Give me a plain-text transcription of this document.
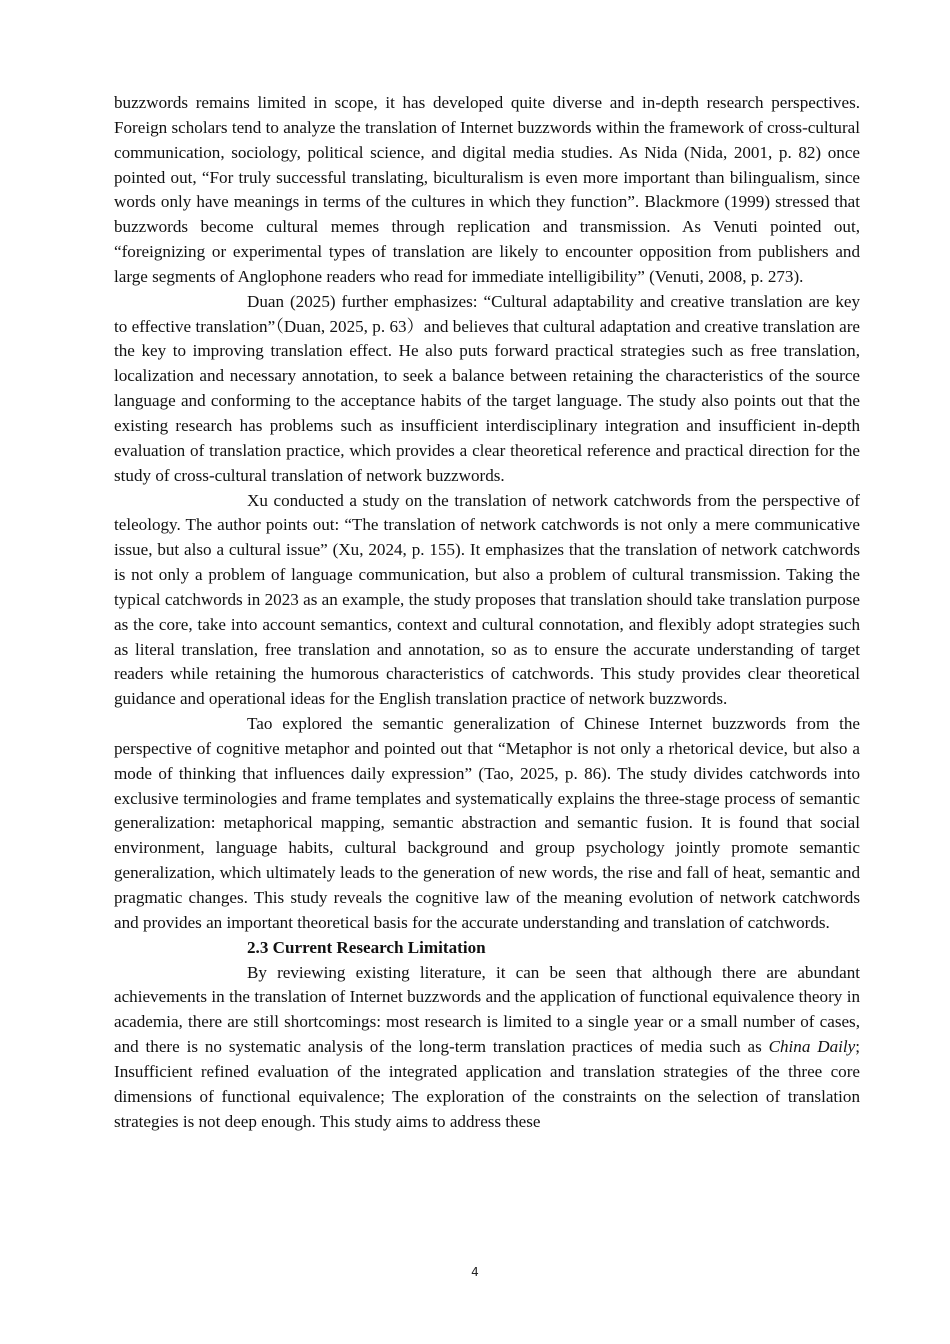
buzzwords remains limited in scope, it has developed quite diverse and in-depth research perspectives. Foreign scholars tend to analyze the translation of Internet buzzwords within the framework of cross-cultural communication, sociology, political science, and digital media studies. As Nida (Nida, 2001, p. 82) once pointed out, “For truly successful translating, biculturalism is even more important than bilingualism, since words only have meanings in terms of the cultures in which they function”. Blackmore (1999) stressed that buzzwords become cultural memes through replication and transmission. As Venuti pointed out, “foreignizing or experimental types of translation are likely to encounter opposition from publishers and large segments of Anglophone readers who read for immediate intelligibility” (Venuti, 2008, p. 273).

Duan (2025) further emphasizes: “Cultural adaptability and creative translation are key to effective translation”（Duan, 2025, p. 63）and believes that cultural adaptation and creative translation are the key to improving translation effect. He also puts forward practical strategies such as free translation, localization and necessary annotation, to seek a balance between retaining the characteristics of the source language and conforming to the acceptance habits of the target language. The study also points out that the existing research has problems such as insufficient interdisciplinary integration and insufficient in-depth evaluation of translation practice, which provides a clear theoretical reference and practical direction for the study of cross-cultural translation of network buzzwords.

Xu conducted a study on the translation of network catchwords from the perspective of teleology. The author points out: “The translation of network catchwords is not only a mere communicative issue, but also a cultural issue” (Xu, 2024, p. 155). It emphasizes that the translation of network catchwords is not only a problem of language communication, but also a problem of cultural transmission. Taking the typical catchwords in 2023 as an example, the study proposes that translation should take translation purpose as the core, take into account semantics, context and cultural connotation, and flexibly adopt strategies such as literal translation, free translation and annotation, so as to ensure the accurate understanding of target readers while retaining the humorous characteristics of catchwords. This study provides clear theoretical guidance and operational ideas for the English translation practice of network buzzwords.

Tao explored the semantic generalization of Chinese Internet buzzwords from the perspective of cognitive metaphor and pointed out that “Metaphor is not only a rhetorical device, but also a mode of thinking that influences daily expression” (Tao, 2025, p. 86). The study divides catchwords into exclusive terminologies and frame templates and systematically explains the three-stage process of semantic generalization: metaphorical mapping, semantic abstraction and semantic fusion. It is found that social environment, language habits, cultural background and group psychology jointly promote semantic generalization, which ultimately leads to the generation of new words, the rise and fall of heat, semantic and pragmatic changes. This study reveals the cognitive law of the meaning evolution of network catchwords and provides an important theoretical basis for the accurate understanding and translation of catchwords.

2.3 Current Research Limitation

By reviewing existing literature, it can be seen that although there are abundant achievements in the translation of Internet buzzwords and the application of functional equivalence theory in academia, there are still shortcomings: most research is limited to a single year or a small number of cases, and there is no systematic analysis of the long-term translation practices of media such as China Daily; Insufficient refined evaluation of the integrated application and translation strategies of the three core dimensions of functional equivalence; The exploration of the constraints on the selection of translation strategies is not deep enough. This study aims to address these

4
